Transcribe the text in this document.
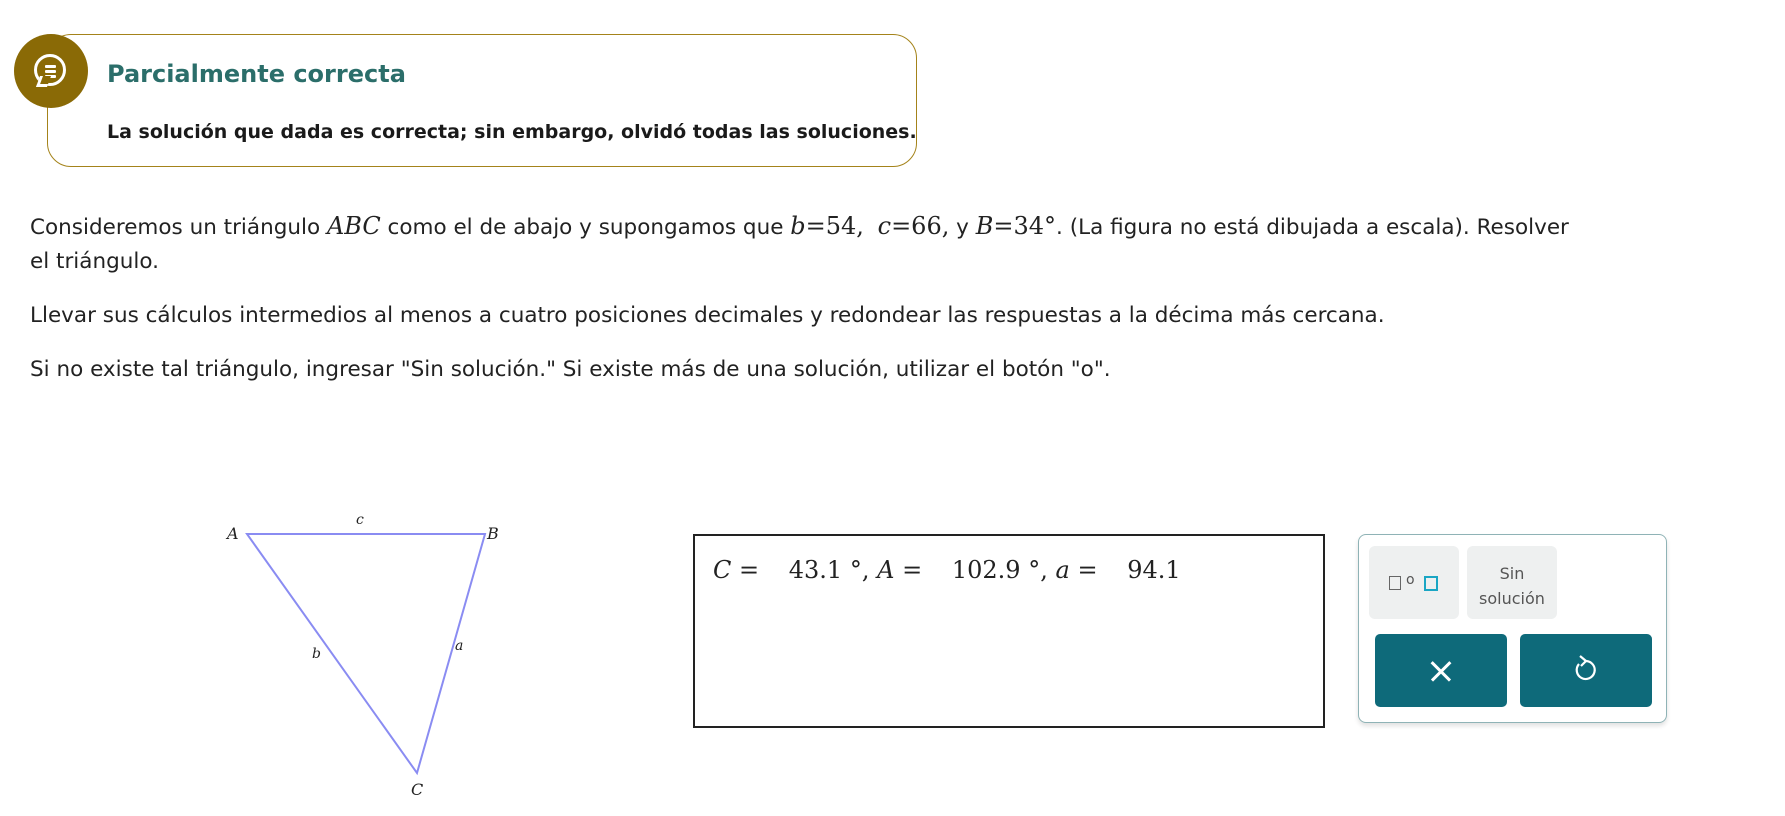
Parcialmente correcta
La solución que dada es correcta; sin embargo, olvidó todas las soluciones.
Consideremos un triángulo ABC como el de abajo y supongamos que b=54, c=66, y B=34°. (La figura no está dibujada a escala). Resolver
el triángulo.
Llevar sus cálculos intermedios al menos a cuatro posiciones decimales y redondear las respuestas a la décima más cercana.
Si no existe tal triángulo, ingresar "Sin solución." Si existe más de una solución, utilizar el botón "o".
A	B
C
c
b	a
C = 43.1 °, A = 102.9 °, a = 94.1	o	Sin
solución
